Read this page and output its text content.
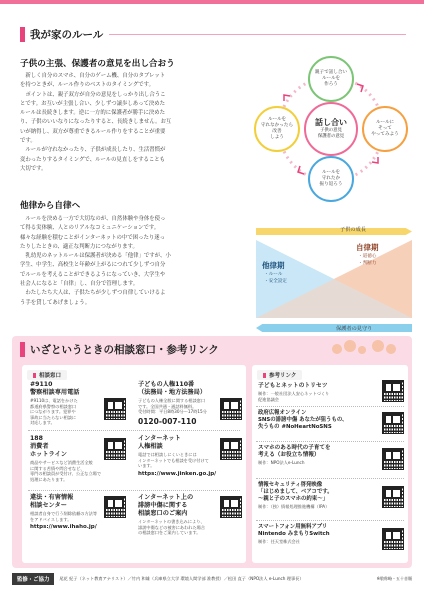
我が家のルール
子供の主張、保護者の意見を出し合おう
　新しく自分のスマホ、自分のゲーム機、自分のタブレット
を持つときが、ルール作りのベストのタイミングです。
　ポイントは、親子双方が自分の意見をしっかり出し合うこ
とです。お互いが主張し合い、少しずつ譲歩しあって決めた
ルールは長続きします。逆に一方的に保護者が勝手に決めた
り、子供のいいなりになったりすると、長続きしません。お互
いが納得し、双方が尊重できるルール作りをすることが重要
です。
　ルールが守れなかったり、子供が成長したり、生活習慣が
変わったりするタイミングで、ルールの見直しをすることも
大切です。
親子で話し合い
ルールを
作ろう
ルールに
そって
やってみよう
ルールを
守れたか
振り返ろう
ルールを
守れなかったら
改善
しよう
話し合い
子供の意見
保護者の意見
他律から自律へ
　ルールを決める一方で大切なのが、自然体験や身体を使っ
て得る実体験、人とのリアルなコミュニケーションです。
様々な経験を積むことがインターネットの中で困ったり迷っ
たりしたときの、適正な判断力につながります。
　乳幼児のネットルールは保護者が決める「他律」ですが、小
学生、中学生、高校生と年齢が上がるにつれて少しずつ自分
でルールを考えることができるようになっていき、大学生や
社会人になると「自律」し、自分で管理します。
　わたしたち大人は、子供たちが少しずつ自律していけるよ
う手を貸してあげましょう。
他律期
・ルール
・安全設定
自律期
・道徳心
・判断力
子供の成長
保護者の見守り
いざというときの相談窓口・参考リンク
相談窓口
#9110
警察相談専用電話
#9110は、電話をかけた
都道府県警察の相談窓口
につながります。犯罪や
事故に当たらない相談に
対応します。
子どもの人権110番
（法務局・地方法務局）
子どもの人権全般に関する相談窓口
です。全国共通・通話料無料。
受付時間：平日8時30分～17時15分
0120-007-110
188
消費者
ホットライン
商品やサービスなど消費生活全般
に関する苦情や問合せなど、
専門の相談員が受付け、公正な立場で
処理にあたります。
インターネット
人権相談
電話では相談しにくいときには
インターネットでも相談を受け付けて
います。
https://www.jinken.go.jp/
違法・有害情報
相談センター
相談者自身で行う削除依頼の方法等
をアドバイスします。
https://www.ihaho.jp/
インターネット上の
誹謗中傷に関する
相談窓口のご案内
インターネットの書き込みにより、
誹謗中傷などの被害にあわれた場合
の相談窓口をご案内しています。
参考リンク
子どもとネットのトリセツ
制作：一般社団法人安心ネットづくり
促進協議会
政府広報オンライン
SNSの誹謗中傷 あなたが狙うもの、
失うもの #NoHeartNoSNS
スマホのある時代の子育てを
考える（お役立ち情報）
制作：NPO法人e-Lunch
情報セキュリティ啓発映像
「はじめまして、ベアコです。
～親と子のスマホの約束～」
制作：（独）情報処理推進機構（IPA）
スマートフォン用無料アプリ
Nintendo みまもりSwitch
制作：任天堂株式会社
監修・ご協力	尾花 紀子（ネット教育アナリスト）／竹内 和雄（兵庫県立大学 環境人間学部 准教授）／松田 直子（NPO法人 e-Lunch 理事長）	※敬称略・五十音順
